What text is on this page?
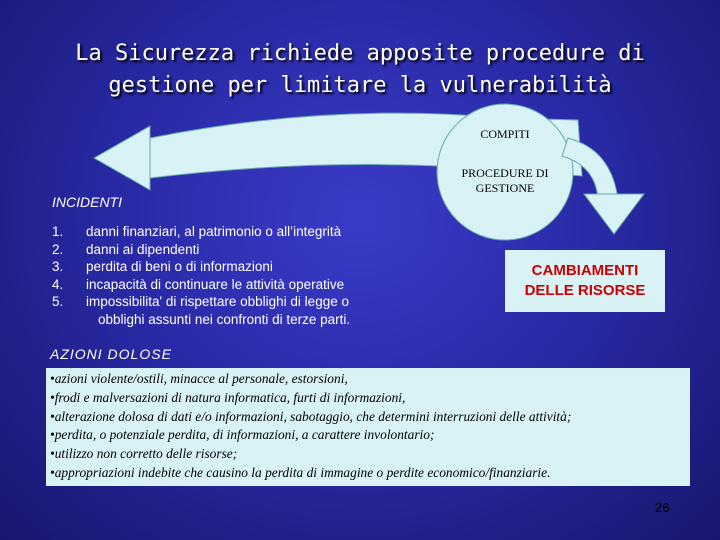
La Sicurezza richiede apposite procedure di
gestione per limitare la vulnerabilità
COMPITI
PROCEDURE DI
GESTIONE
INCIDENTI
1.	danni finanziari, al patrimonio o all’integrità
2.	danni ai dipendenti
3.	perdita di beni o di informazioni
4.	incapacità di continuare le attività operative
5.	impossibilita' di rispettare obblighi di legge o
obblighi assunti nei confronti di terze parti.
CAMBIAMENTI
DELLE RISORSE
AZIONI DOLOSE
•azioni violente/ostili, minacce al personale, estorsioni,
•frodi e malversazioni di natura informatica, furti di informazioni,
•alterazione dolosa di dati e/o informazioni, sabotaggio, che determini interruzioni delle attività;
•perdita, o potenziale perdita, di informazioni, a carattere involontario;
•utilizzo non corretto delle risorse;
•appropriazioni indebite che causino la perdita di immagine o perdite economico/finanziarie.
26
